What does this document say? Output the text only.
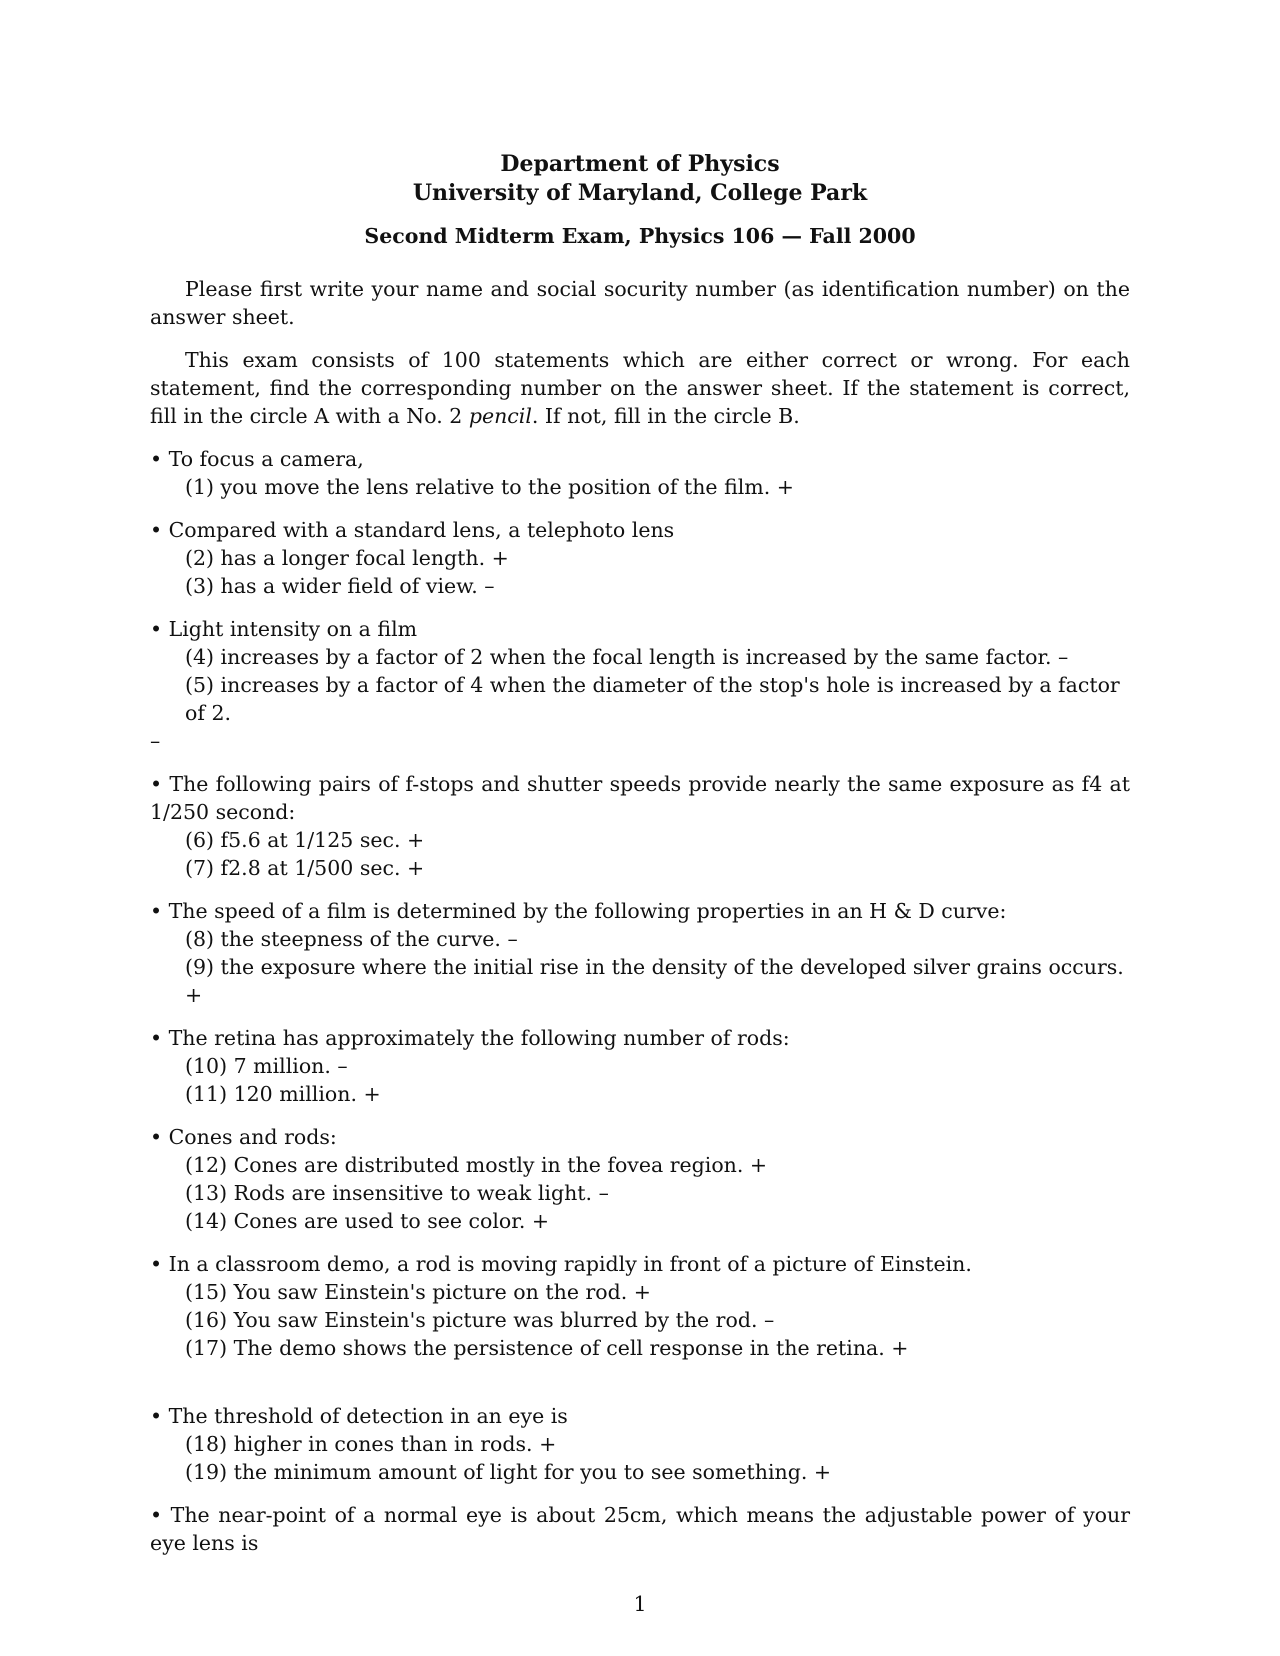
Department of Physics
University of Maryland, College Park
Second Midterm Exam, Physics 106 — Fall 2000

Please first write your name and social socurity number (as identification number) on the answer sheet.

This exam consists of 100 statements which are either correct or wrong. For each statement, find the corresponding number on the answer sheet. If the statement is correct, fill in the circle A with a No. 2 pencil. If not, fill in the circle B.

• To focus a camera,
(1) you move the lens relative to the position of the film. +
• Compared with a standard lens, a telephoto lens
(2) has a longer focal length. +
(3) has a wider field of view. –
• Light intensity on a film
(4) increases by a factor of 2 when the focal length is increased by the same factor. –
(5) increases by a factor of 4 when the diameter of the stop's hole is increased by a factor of 2.
–
• The following pairs of f-stops and shutter speeds provide nearly the same exposure as f4 at 1/250 second:
(6) f5.6 at 1/125 sec. +
(7) f2.8 at 1/500 sec. +
• The speed of a film is determined by the following properties in an H & D curve:
(8) the steepness of the curve. –
(9) the exposure where the initial rise in the density of the developed silver grains occurs. +
• The retina has approximately the following number of rods:
(10) 7 million. –
(11) 120 million. +
• Cones and rods:
(12) Cones are distributed mostly in the fovea region. +
(13) Rods are insensitive to weak light. –
(14) Cones are used to see color. +
• In a classroom demo, a rod is moving rapidly in front of a picture of Einstein.
(15) You saw Einstein's picture on the rod. +
(16) You saw Einstein's picture was blurred by the rod. –
(17) The demo shows the persistence of cell response in the retina. +
• The threshold of detection in an eye is
(18) higher in cones than in rods. +
(19) the minimum amount of light for you to see something. +
• The near-point of a normal eye is about 25cm, which means the adjustable power of your eye lens is
1
